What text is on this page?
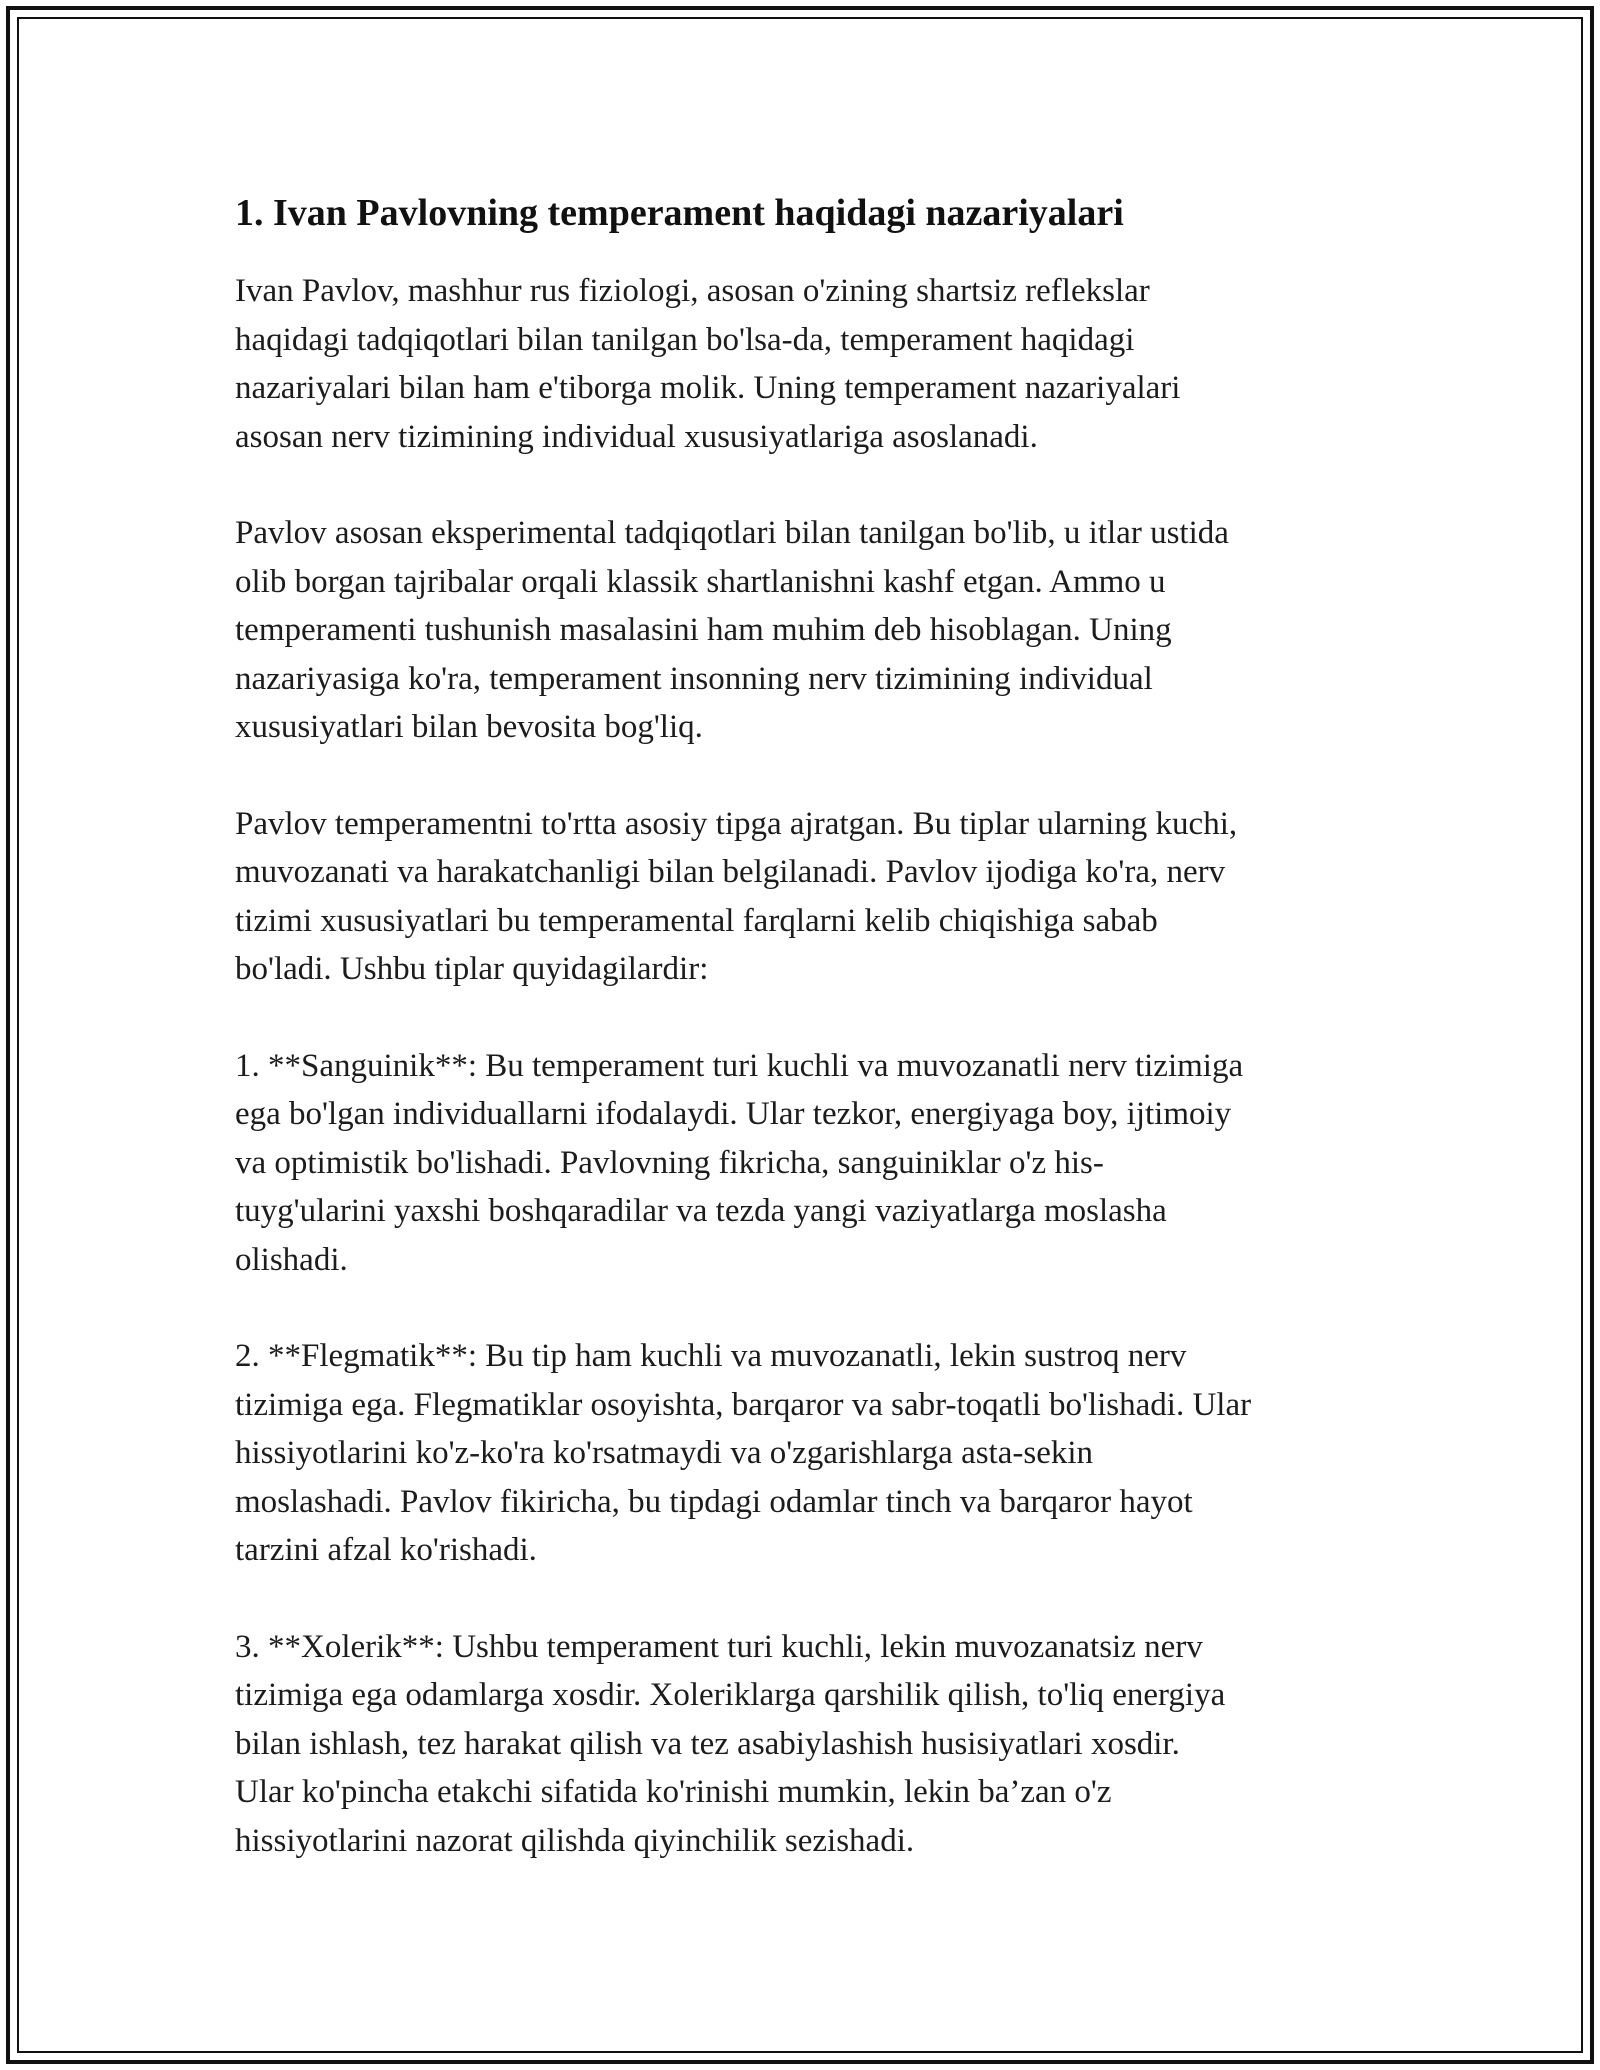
1. Ivan Pavlovning temperament haqidagi nazariyalari

Ivan Pavlov, mashhur rus fiziologi, asosan o'zining shartsiz reflekslar
haqidagi tadqiqotlari bilan tanilgan bo'lsa-da, temperament haqidagi
nazariyalari bilan ham e'tiborga molik. Uning temperament nazariyalari
asosan nerv tizimining individual xususiyatlariga asoslanadi.

Pavlov asosan eksperimental tadqiqotlari bilan tanilgan bo'lib, u itlar ustida
olib borgan tajribalar orqali klassik shartlanishni kashf etgan. Ammo u
temperamenti tushunish masalasini ham muhim deb hisoblagan. Uning
nazariyasiga ko'ra, temperament insonning nerv tizimining individual
xususiyatlari bilan bevosita bog'liq.

Pavlov temperamentni to'rtta asosiy tipga ajratgan. Bu tiplar ularning kuchi,
muvozanati va harakatchanligi bilan belgilanadi. Pavlov ijodiga ko'ra, nerv
tizimi xususiyatlari bu temperamental farqlarni kelib chiqishiga sabab
bo'ladi. Ushbu tiplar quyidagilardir:

1. **Sanguinik**: Bu temperament turi kuchli va muvozanatli nerv tizimiga
ega bo'lgan individuallarni ifodalaydi. Ular tezkor, energiyaga boy, ijtimoiy
va optimistik bo'lishadi. Pavlovning fikricha, sanguiniklar o'z his-
tuyg'ularini yaxshi boshqaradilar va tezda yangi vaziyatlarga moslasha
olishadi.

2. **Flegmatik**: Bu tip ham kuchli va muvozanatli, lekin sustroq nerv
tizimiga ega. Flegmatiklar osoyishta, barqaror va sabr-toqatli bo'lishadi. Ular
hissiyotlarini ko'z-ko'ra ko'rsatmaydi va o'zgarishlarga asta-sekin
moslashadi. Pavlov fikiricha, bu tipdagi odamlar tinch va barqaror hayot
tarzini afzal ko'rishadi.

3. **Xolerik**: Ushbu temperament turi kuchli, lekin muvozanatsiz nerv
tizimiga ega odamlarga xosdir. Xoleriklarga qarshilik qilish, to'liq energiya
bilan ishlash, tez harakat qilish va tez asabiylashish husisiyatlari xosdir.
Ular ko'pincha etakchi sifatida ko'rinishi mumkin, lekin ba’zan o'z
hissiyotlarini nazorat qilishda qiyinchilik sezishadi.
